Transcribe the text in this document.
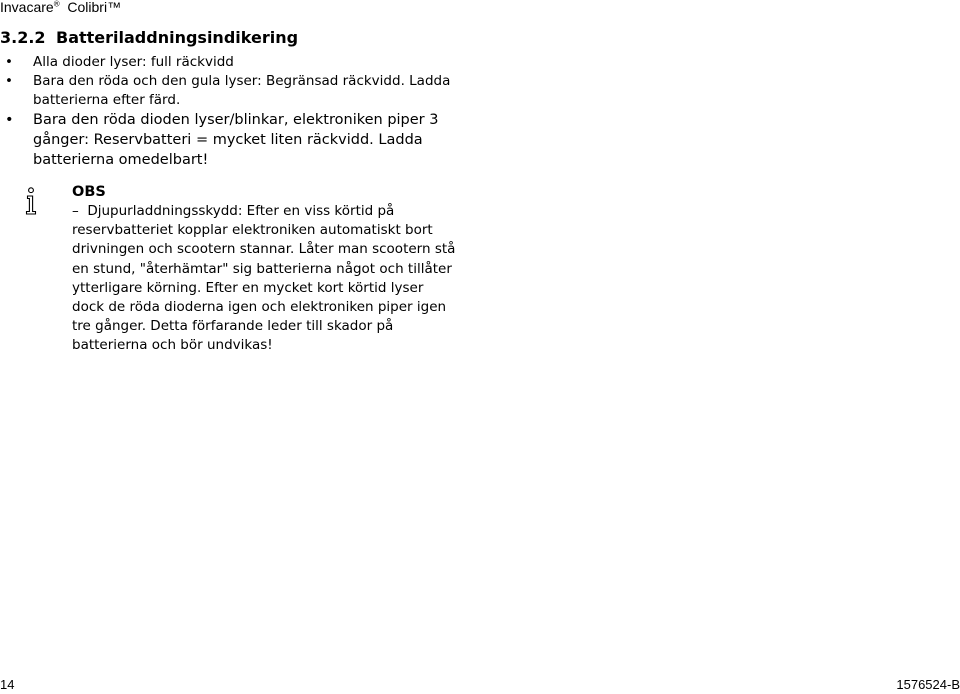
Invacare® Colibri™
3.2.2 Batteriladdningsindikering
• Alla dioder lyser: full räckvidd
• Bara den röda och den gula lyser: Begränsad räckvidd. Ladda batterierna efter färd.
• Bara den röda dioden lyser/blinkar, elektroniken piper 3 gånger: Reservbatteri = mycket liten räckvidd. Ladda batterierna omedelbart!
OBS

– Djupurladdningsskydd: Efter en viss körtid på reservbatteriet kopplar elektroniken automatiskt bort drivningen och scootern stannar. Låter man scootern stå en stund, "återhämtar" sig batterierna något och tillåter ytterligare körning. Efter en mycket kort körtid lyser dock de röda dioderna igen och elektroniken piper igen tre gånger. Detta förfarande leder till skador på batterierna och bör undvikas!

14	1576524-B
